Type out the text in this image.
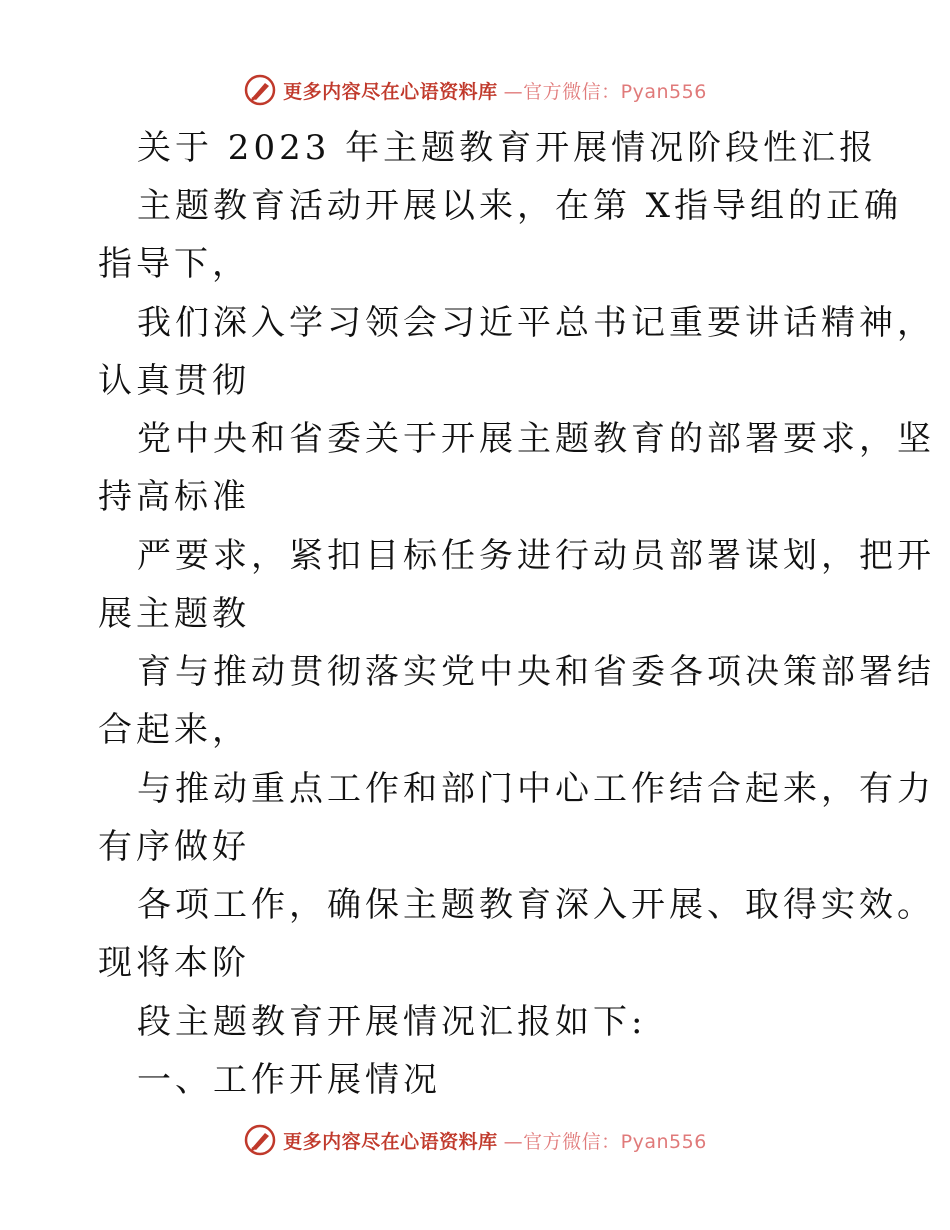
更多内容尽在心语资料库 —官方微信：Pyan556
关于 2023 年主题教育开展情况阶段性汇报
主题教育活动开展以来，在第 X指导组的正确
指导下，
我们深入学习领会习近平总书记重要讲话精神，
认真贯彻
党中央和省委关于开展主题教育的部署要求，坚
持高标准
严要求，紧扣目标任务进行动员部署谋划，把开
展主题教
育与推动贯彻落实党中央和省委各项决策部署结
合起来，
与推动重点工作和部门中心工作结合起来，有力
有序做好
各项工作，确保主题教育深入开展、取得实效。
现将本阶
段主题教育开展情况汇报如下:
一、工作开展情况
更多内容尽在心语资料库 —官方微信：Pyan556
